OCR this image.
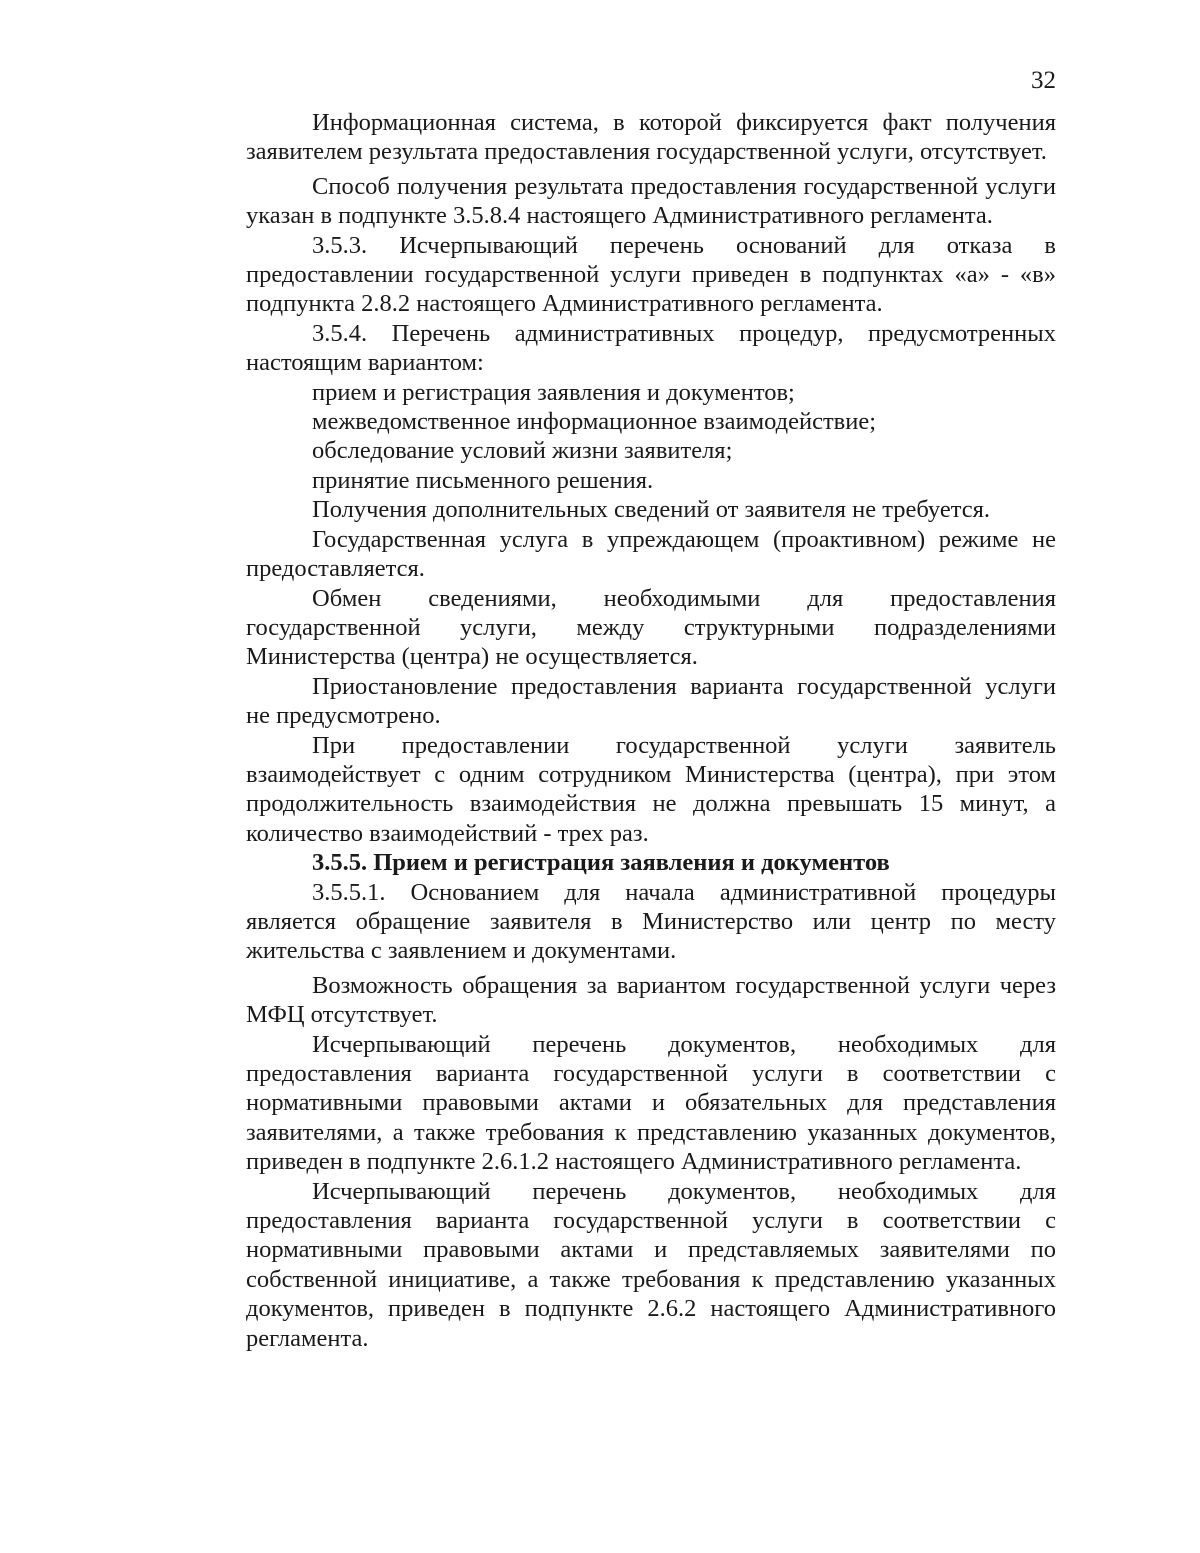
32

Информационная система, в которой фиксируется факт получения заявителем результата предоставления государственной услуги, отсутствует.

Способ получения результата предоставления государственной услуги указан в подпункте 3.5.8.4 настоящего Административного регламента.

3.5.3. Исчерпывающий перечень оснований для отказа в предоставлении государственной услуги приведен в подпунктах «а» - «в» подпункта 2.8.2 настоящего Административного регламента.

3.5.4. Перечень административных процедур, предусмотренных настоящим вариантом:

прием и регистрация заявления и документов;

межведомственное информационное взаимодействие;

обследование условий жизни заявителя;

принятие письменного решения.

Получения дополнительных сведений от заявителя не требуется.

Государственная услуга в упреждающем (проактивном) режиме не предоставляется.

Обмен сведениями, необходимыми для предоставления государственной услуги, между структурными подразделениями Министерства (центра) не осуществляется.

Приостановление предоставления варианта государственной услуги не предусмотрено.

При предоставлении государственной услуги заявитель взаимодействует с одним сотрудником Министерства (центра), при этом продолжительность взаимодействия не должна превышать 15 минут, а количество взаимодействий - трех раз.

3.5.5. Прием и регистрация заявления и документов

3.5.5.1. Основанием для начала административной процедуры является обращение заявителя в Министерство или центр по месту жительства с заявлением и документами.

Возможность обращения за вариантом государственной услуги через МФЦ отсутствует.

Исчерпывающий перечень документов, необходимых для предоставления варианта государственной услуги в соответствии с нормативными правовыми актами и обязательных для представления заявителями, а также требования к представлению указанных документов, приведен в подпункте 2.6.1.2 настоящего Административного регламента.

Исчерпывающий перечень документов, необходимых для предоставления варианта государственной услуги в соответствии с нормативными правовыми актами и представляемых заявителями по собственной инициативе, а также требования к представлению указанных документов, приведен в подпункте 2.6.2 настоящего Административного регламента.
